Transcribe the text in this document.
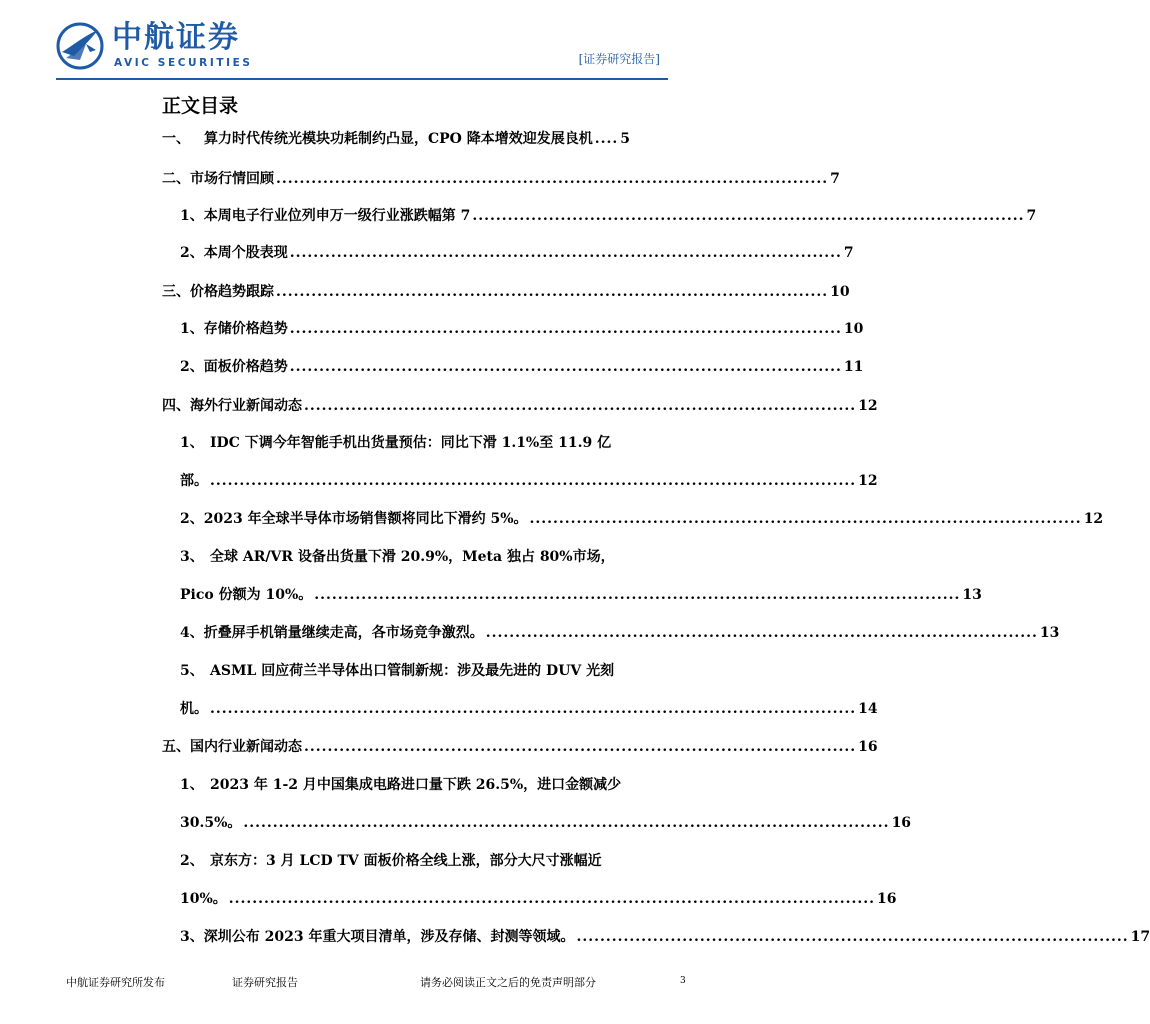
中航证券
AVIC SECURITIES	[证券研究报告]
正文目录
一、	算力时代传统光模块功耗制约凸显，CPO 降本增效迎发展良机 .... 5
二、 市场行情回顾 .............................................................................................. 7
1、 本周电子行业位列申万一级行业涨跌幅第 7 .............................................................................................. 7
2、 本周个股表现 .............................................................................................. 7
三、 价格趋势跟踪 .............................................................................................. 10
1、 存储价格趋势 .............................................................................................. 10
2、 面板价格趋势 .............................................................................................. 11
四、 海外行业新闻动态 .............................................................................................. 12
1、 IDC 下调今年智能手机出货量预估：同比下滑 1.1%至 11.9 亿
部。 .............................................................................................................. 12
2、 2023 年全球半导体市场销售额将同比下滑约 5%。 .............................................................................................. 12
3、 全球 AR/VR 设备出货量下滑 20.9%，Meta 独占 80%市场，
Pico 份额为 10%。 .............................................................................................................. 13
4、 折叠屏手机销量继续走高，各市场竞争激烈。 .............................................................................................. 13
5、 ASML 回应荷兰半导体出口管制新规：涉及最先进的 DUV 光刻
机。 .............................................................................................................. 14
五、 国内行业新闻动态 .............................................................................................. 16
1、 2023 年 1-2 月中国集成电路进口量下跌 26.5%，进口金额减少
30.5%。 .............................................................................................................. 16
2、 京东方：3 月 LCD TV 面板价格全线上涨，部分大尺寸涨幅近
10%。 .............................................................................................................. 16
3、 深圳公布 2023 年重大项目清单，涉及存储、封测等领域。 .............................................................................................. 17
中航证券研究所发布	证券研究报告	请务必阅读正文之后的免责声明部分	3
